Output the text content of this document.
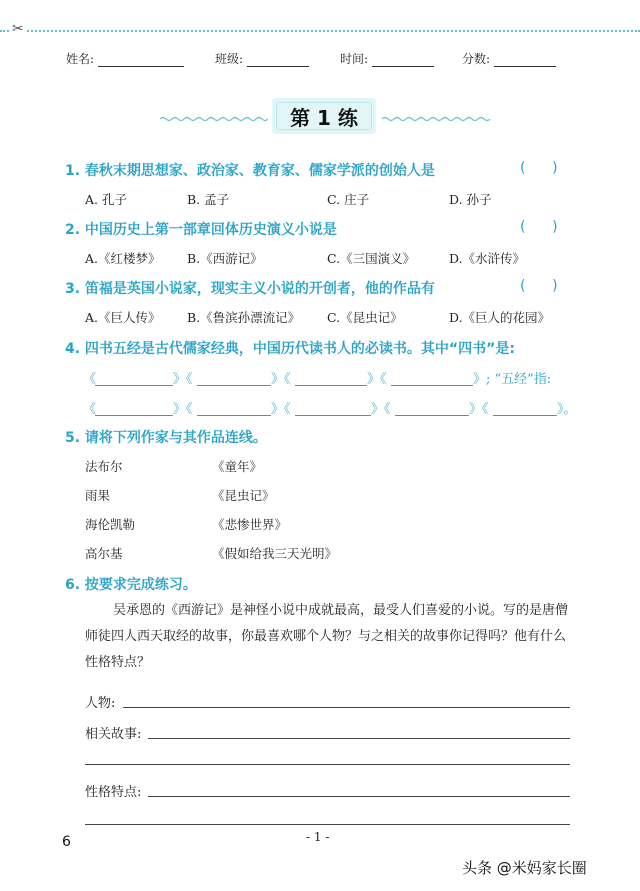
✂
姓名:	班级:	时间:	分数:
第 1 练
1. 春秋末期思想家、政治家、教育家、儒家学派的创始人是	(      )
A. 孔子	B. 孟子	C. 庄子	D. 孙子
2. 中国历史上第一部章回体历史演义小说是	(      )
A.《红楼梦》 B.《西游记》	C.《三国演义》	D.《水浒传》
3. 笛福是英国小说家，现实主义小说的开创者，他的作品有	(      )
A.《巨人传》 B.《鲁滨孙漂流记》 C.《昆虫记》	D.《巨人的花园》
4. 四书五经是古代儒家经典，中国历代读书人的必读书。其中“四书”是:
《	》《	》《	》《	》; “五经”指:
《	》《	》《	》《	》《	》。
5. 请将下列作家与其作品连线。
法布尔
雨果
海伦凯勒
高尔基
《童年》
《昆虫记》
《悲惨世界》
《假如给我三天光明》
6. 按要求完成练习。
吴承恩的《西游记》是神怪小说中成就最高，最受人们喜爱的小说。写的是唐僧
师徒四人西天取经的故事，你最喜欢哪个人物？与之相关的故事你记得吗？他有什么
性格特点？
人物:
相关故事:
性格特点:
- 1 -
6
头条 @米妈家长圈
